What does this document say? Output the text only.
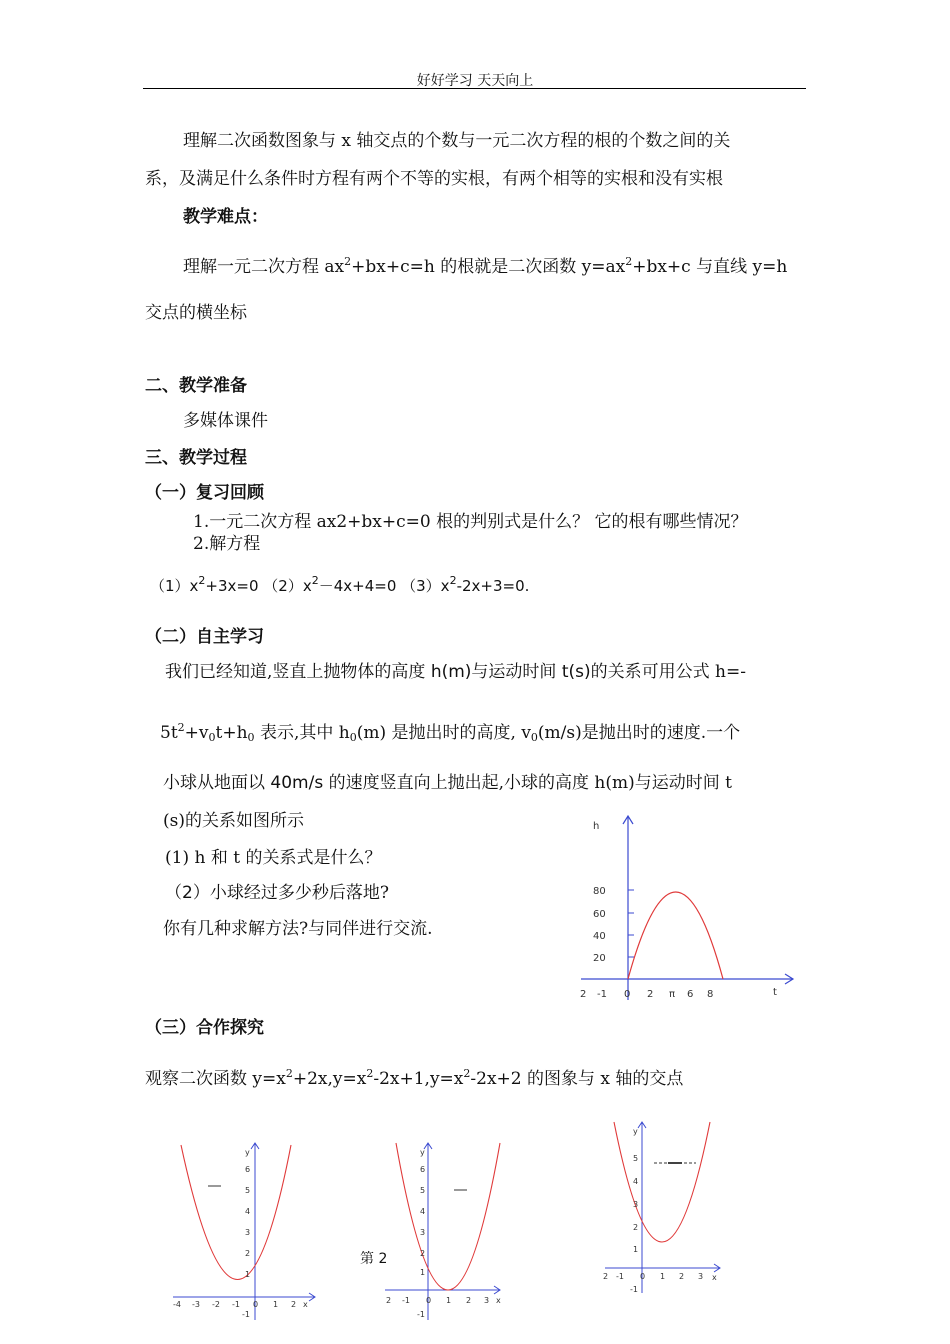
好好学习 天天向上
理解二次函数图象与 x 轴交点的个数与一元二次方程的根的个数之间的关
系，及满足什么条件时方程有两个不等的实根，有两个相等的实根和没有实根
教学难点：
理解一元二次方程 $ax^2+bx+c=h$ 的根就是二次函数 $y=ax^2+bx+c$ 与直线 y=h
交点的横坐标
二、教学准备
多媒体课件
三、教学过程
（一）复习回顾
1.一元二次方程 ax2+bx+c=0 根的判别式是什么？ 它的根有哪些情况？
2.解方程
$(1)x^2+3x=0$ $(2)x^2-4x+4=0$ $(3)x^2-2x+3=0$.
（二）自主学习
我们已经知道,竖直上抛物体的高度 h(m)与运动时间 t(s)的关系可用公式 h=-
$5t^2+v_0t+h_0$ 表示,其中 $h_0(m)$ 是抛出时的高度, $v_0(m/s)$是抛出时的速度.一个
小球从地面以 40m/s 的速度竖直向上抛出起,小球的高度 h(m)与运动时间 t
(s)的关系如图所示
(1) h 和 t 的关系式是什么？
（2）小球经过多少秒后落地?
你有几种求解方法?与同伴进行交流.
h
t
80
60
40
20
2 -1 0 2 π 6 8
（三）合作探究
观察二次函数 $y=x^2+2x,y=x^2-2x+1,y=x^2-2x+2$ 的图象与 x 轴的交点
y
x
6
5
4
3
2
1
-1
-4 -3 -2 -1 0 1 2
y
x
6
5
4
3
2
1
-1
2 -1 0 1 2 3
第 2
y
x
5
4
3
2
1
-1
2 -1 0 1 2 3
